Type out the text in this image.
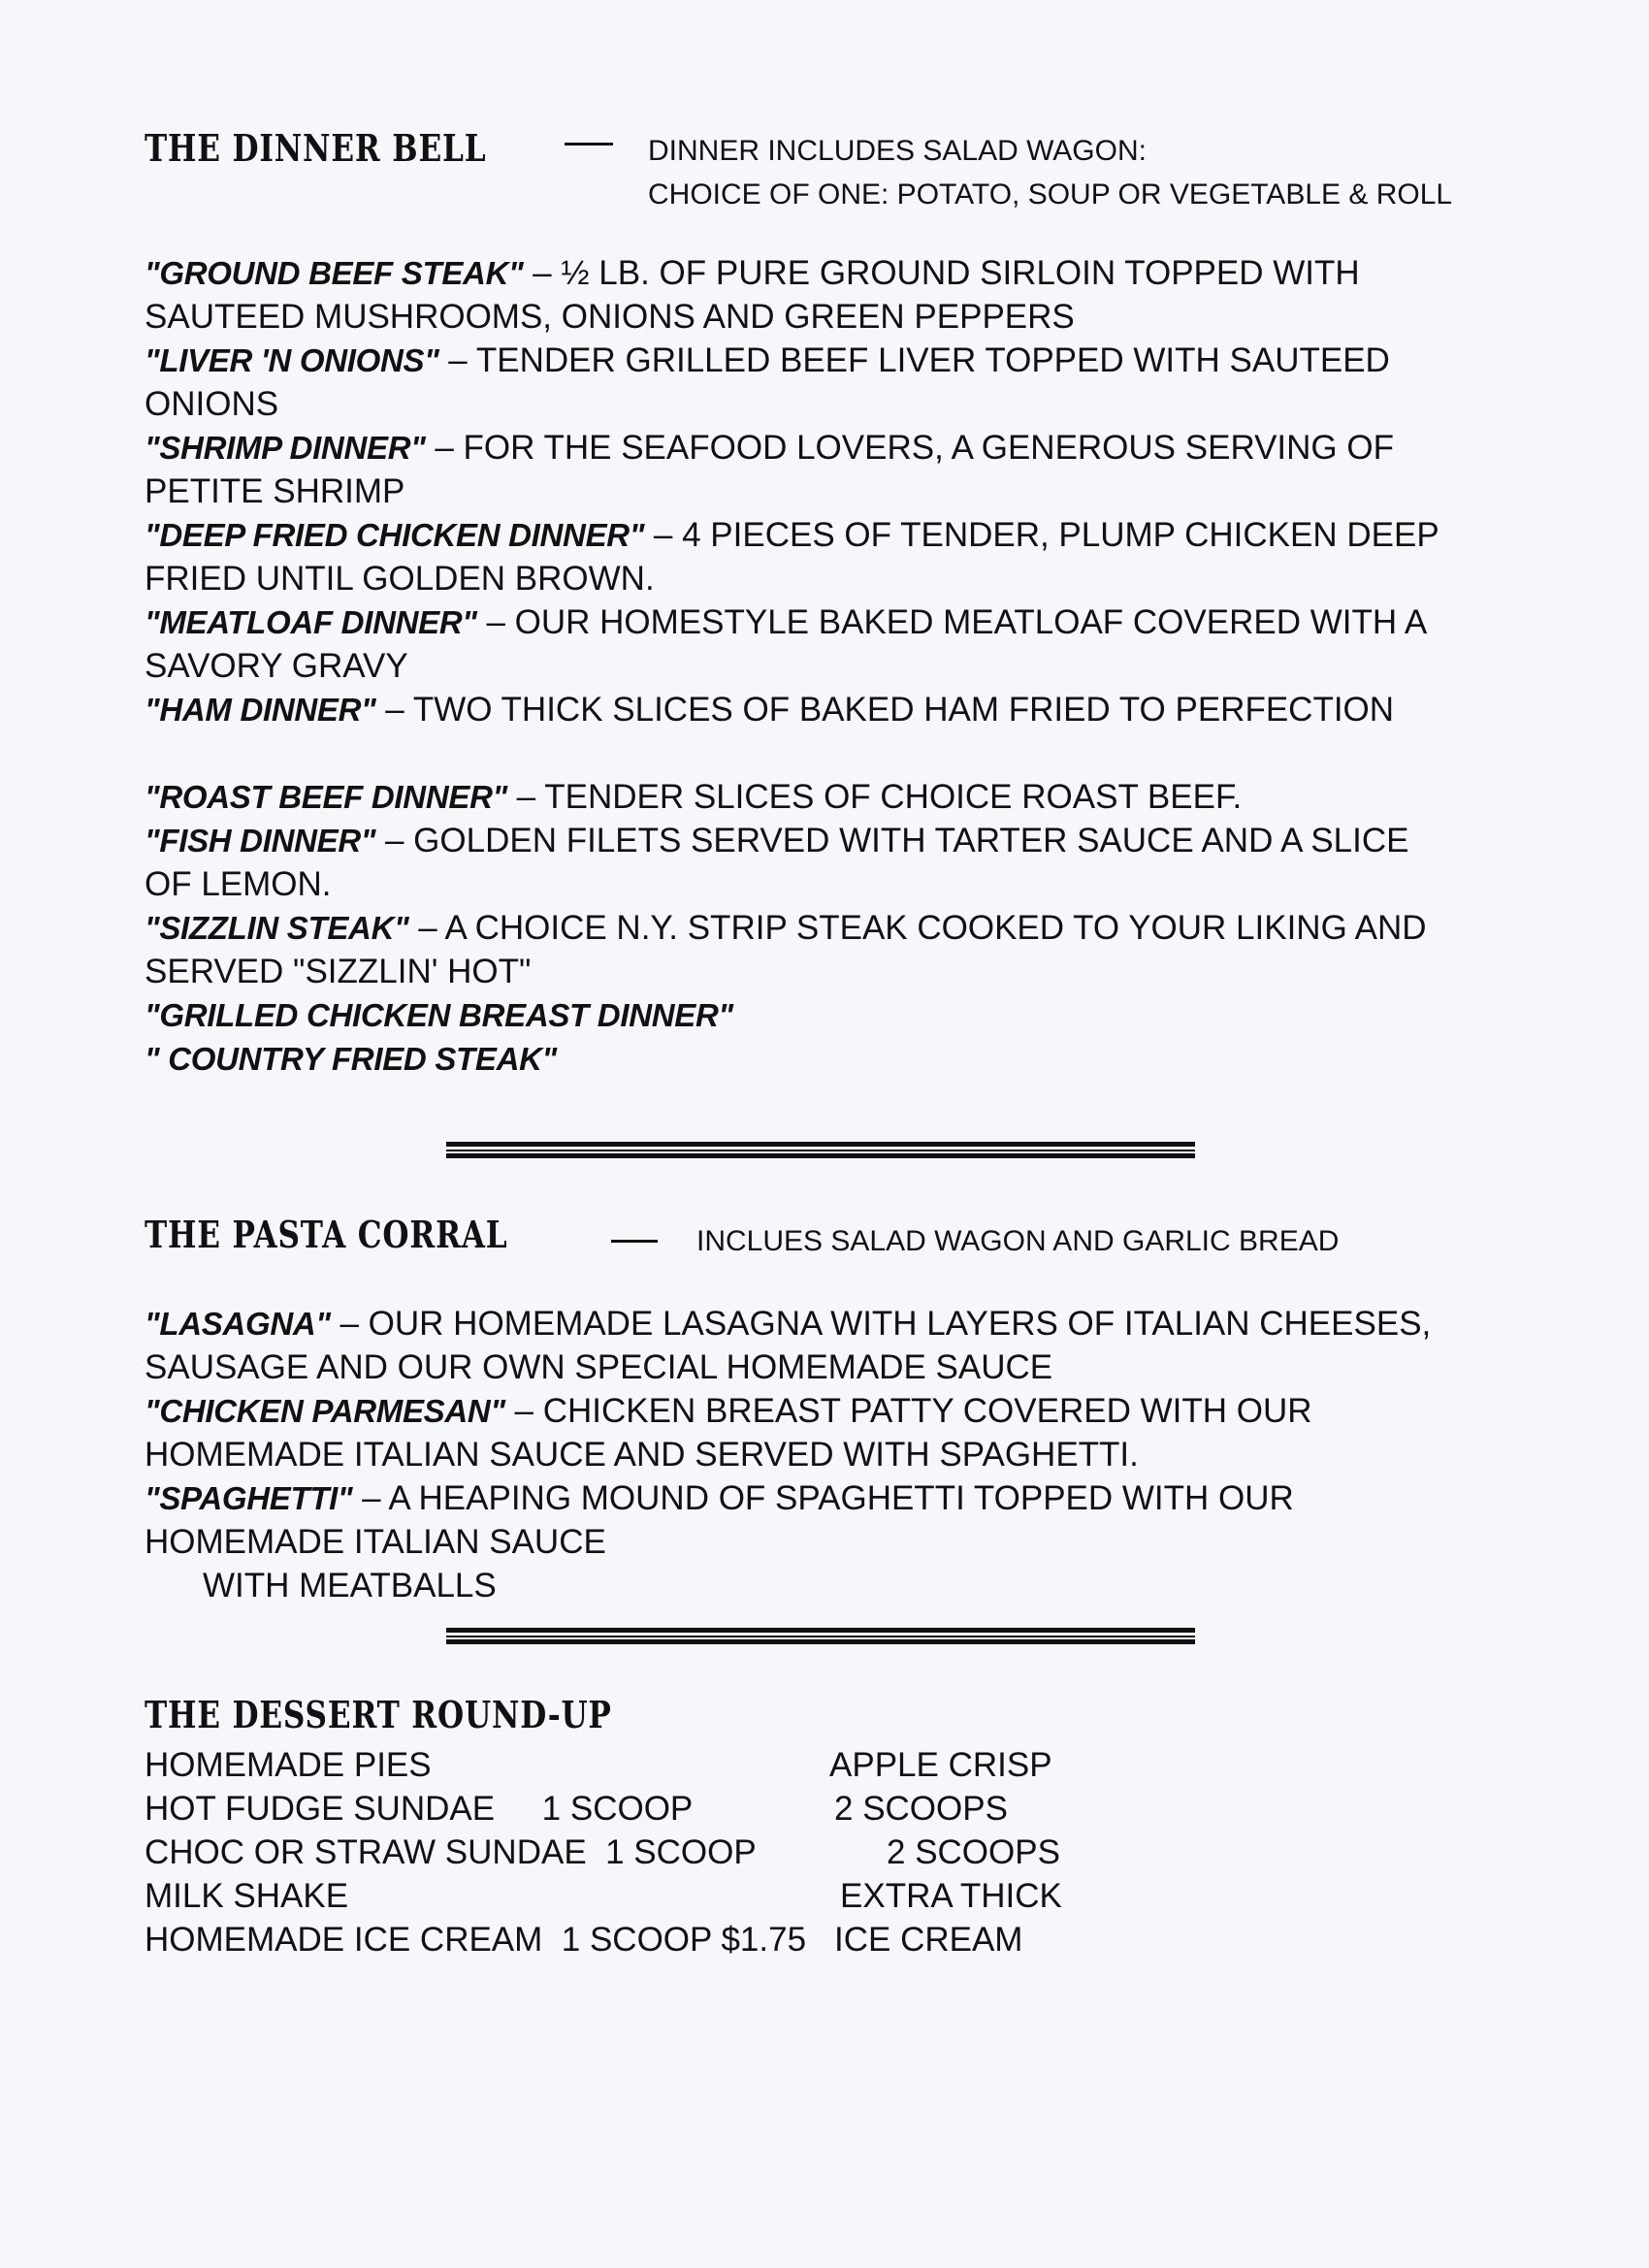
THE DINNER BELL	DINNER INCLUDES SALAD WAGON:
CHOICE OF ONE: POTATO, SOUP OR VEGETABLE & ROLL
"GROUND BEEF STEAK" – ½ LB. OF PURE GROUND SIRLOIN TOPPED WITH SAUTEED MUSHROOMS, ONIONS AND GREEN PEPPERS
"LIVER 'N ONIONS" – TENDER GRILLED BEEF LIVER TOPPED WITH SAUTEED ONIONS
"SHRIMP DINNER" – FOR THE SEAFOOD LOVERS, A GENEROUS SERVING OF PETITE SHRIMP
"DEEP FRIED CHICKEN DINNER" – 4 PIECES OF TENDER, PLUMP CHICKEN DEEP FRIED UNTIL GOLDEN BROWN.
"MEATLOAF DINNER" – OUR HOMESTYLE BAKED MEATLOAF COVERED WITH A SAVORY GRAVY
"HAM DINNER" – TWO THICK SLICES OF BAKED HAM FRIED TO PERFECTION
"ROAST BEEF DINNER" – TENDER SLICES OF CHOICE ROAST BEEF.
"FISH DINNER" – GOLDEN FILETS SERVED WITH TARTER SAUCE AND A SLICE OF LEMON.
"SIZZLIN STEAK" – A CHOICE N.Y. STRIP STEAK COOKED TO YOUR LIKING AND SERVED "SIZZLIN' HOT"
"GRILLED CHICKEN BREAST DINNER"
" COUNTRY FRIED STEAK"
THE PASTA CORRAL	INCLUES SALAD WAGON AND GARLIC BREAD
"LASAGNA" – OUR HOMEMADE LASAGNA WITH LAYERS OF ITALIAN CHEESES, SAUSAGE AND OUR OWN SPECIAL HOMEMADE SAUCE
"CHICKEN PARMESAN" – CHICKEN BREAST PATTY COVERED WITH OUR HOMEMADE ITALIAN SAUCE AND SERVED WITH SPAGHETTI.
"SPAGHETTI" – A HEAPING MOUND OF SPAGHETTI TOPPED WITH OUR HOMEMADE ITALIAN SAUCE
WITH MEATBALLS
THE DESSERT ROUND-UP
HOMEMADE PIES	APPLE CRISP
HOT FUDGE SUNDAE     1 SCOOP	2 SCOOPS
CHOC OR STRAW SUNDAE  1 SCOOP	2 SCOOPS
MILK SHAKE	EXTRA THICK
HOMEMADE ICE CREAM  1 SCOOP $1.75 ICE CREAM
